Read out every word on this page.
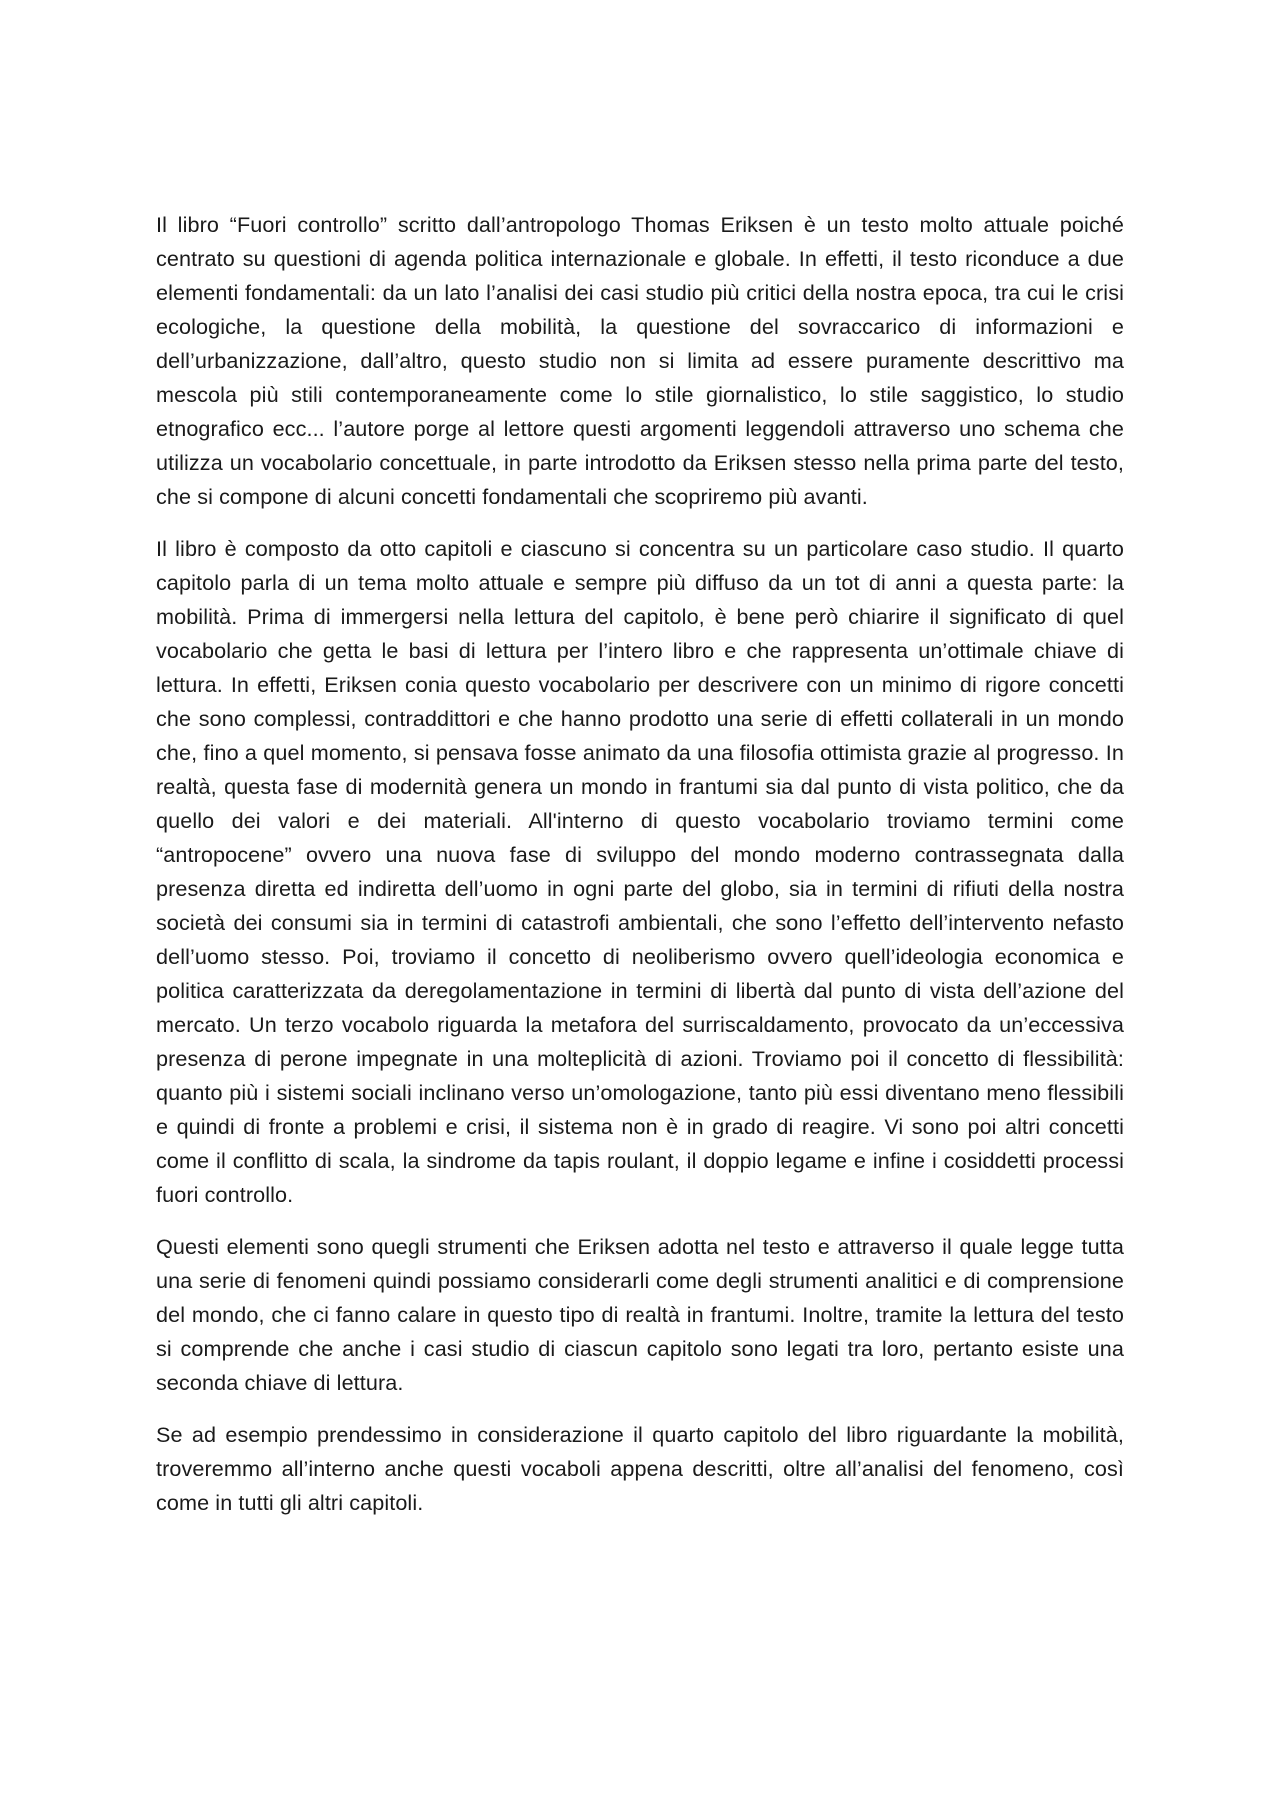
Il libro “Fuori controllo” scritto dall’antropologo Thomas Eriksen è un testo molto attuale poiché centrato su questioni di agenda politica internazionale e globale. In effetti, il testo riconduce a due elementi fondamentali: da un lato l’analisi dei casi studio più critici della nostra epoca, tra cui le crisi ecologiche, la questione della mobilità, la questione del sovraccarico di informazioni e dell’urbanizzazione, dall’altro, questo studio non si limita ad essere puramente descrittivo ma mescola più stili contemporaneamente come lo stile giornalistico, lo stile saggistico, lo studio etnografico ecc... l’autore porge al lettore questi argomenti leggendoli attraverso uno schema che utilizza un vocabolario concettuale, in parte introdotto da Eriksen stesso nella prima parte del testo, che si compone di alcuni concetti fondamentali che scopriremo più avanti.

Il libro è composto da otto capitoli e ciascuno si concentra su un particolare caso studio. Il quarto capitolo parla di un tema molto attuale e sempre più diffuso da un tot di anni a questa parte: la mobilità. Prima di immergersi nella lettura del capitolo, è bene però chiarire il significato di quel vocabolario che getta le basi di lettura per l’intero libro e che rappresenta un’ottimale chiave di lettura. In effetti, Eriksen conia questo vocabolario per descrivere con un minimo di rigore concetti che sono complessi, contraddittori e che hanno prodotto una serie di effetti collaterali in un mondo che, fino a quel momento, si pensava fosse animato da una filosofia ottimista grazie al progresso. In realtà, questa fase di modernità genera un mondo in frantumi sia dal punto di vista politico, che da quello dei valori e dei materiali. All'interno di questo vocabolario troviamo termini come “antropocene” ovvero una nuova fase di sviluppo del mondo moderno contrassegnata dalla presenza diretta ed indiretta dell’uomo in ogni parte del globo, sia in termini di rifiuti della nostra società dei consumi sia in termini di catastrofi ambientali, che sono l’effetto dell’intervento nefasto dell’uomo stesso. Poi, troviamo il concetto di neoliberismo ovvero quell’ideologia economica e politica caratterizzata da deregolamentazione in termini di libertà dal punto di vista dell’azione del mercato. Un terzo vocabolo riguarda la metafora del surriscaldamento, provocato da un’eccessiva presenza di perone impegnate in una molteplicità di azioni. Troviamo poi il concetto di flessibilità: quanto più i sistemi sociali inclinano verso un’omologazione, tanto più essi diventano meno flessibili e quindi di fronte a problemi e crisi, il sistema non è in grado di reagire. Vi sono poi altri concetti come il conflitto di scala, la sindrome da tapis roulant, il doppio legame e infine i cosiddetti processi fuori controllo.

Questi elementi sono quegli strumenti che Eriksen adotta nel testo e attraverso il quale legge tutta una serie di fenomeni quindi possiamo considerarli come degli strumenti analitici e di comprensione del mondo, che ci fanno calare in questo tipo di realtà in frantumi. Inoltre, tramite la lettura del testo si comprende che anche i casi studio di ciascun capitolo sono legati tra loro, pertanto esiste una seconda chiave di lettura.

Se ad esempio prendessimo in considerazione il quarto capitolo del libro riguardante la mobilità, troveremmo all’interno anche questi vocaboli appena descritti, oltre all’analisi del fenomeno, così come in tutti gli altri capitoli.
